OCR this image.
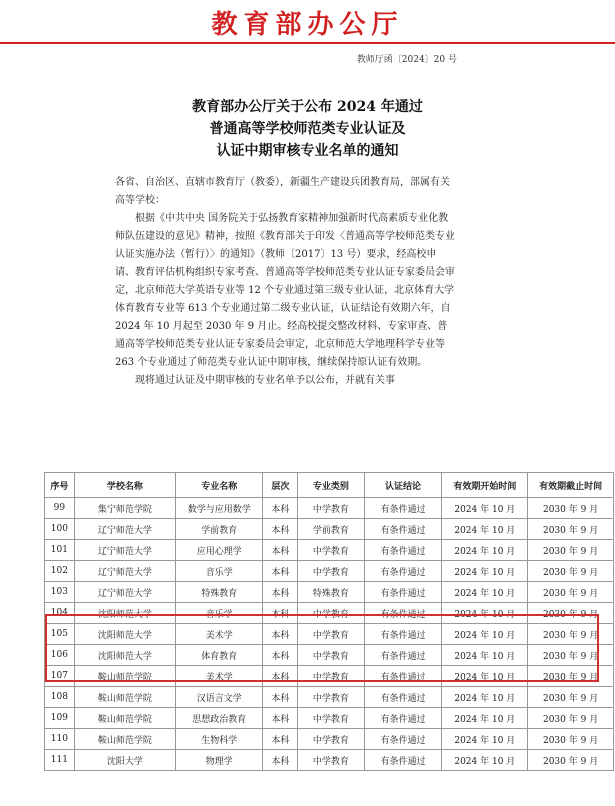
教育部办公厅
教师厅函〔2024〕20 号
教育部办公厅关于公布 2024 年通过
普通高等学校师范类专业认证及
认证中期审核专业名单的通知

各省、自治区、直辖市教育厅（教委），新疆生产建设兵团教育局，部属有关高等学校：

根据《中共中央 国务院关于弘扬教育家精神加强新时代高素质专业化教师队伍建设的意见》精神，按照《教育部关于印发〈普通高等学校师范类专业认证实施办法（暂行）〉的通知》（教师〔2017〕13 号）要求，经高校申请、教育评估机构组织专家考查、普通高等学校师范类专业认证专家委员会审定，北京师范大学英语专业等 12 个专业通过第三级专业认证，北京体育大学体育教育专业等 613 个专业通过第二级专业认证，认证结论有效期六年，自 2024 年 10 月起至 2030 年 9 月止。经高校提交整改材料、专家审查、普通高等学校师范类专业认证专家委员会审定，北京师范大学地理科学专业等 263 个专业通过了师范类专业认证中期审核，继续保持原认证有效期。

现将通过认证及中期审核的专业名单予以公布，并就有关事

序号	学校名称	专业名称	层次	专业类别	认证结论	有效期开始时间	有效期截止时间
99	集宁师范学院	数学与应用数学	本科	中学教育	有条件通过	2024 年 10 月	2030 年 9 月
100	辽宁师范大学	学前教育	本科	学前教育	有条件通过	2024 年 10 月	2030 年 9 月
101	辽宁师范大学	应用心理学	本科	中学教育	有条件通过	2024 年 10 月	2030 年 9 月
102	辽宁师范大学	音乐学	本科	中学教育	有条件通过	2024 年 10 月	2030 年 9 月
103	辽宁师范大学	特殊教育	本科	特殊教育	有条件通过	2024 年 10 月	2030 年 9 月
104	沈阳师范大学	音乐学	本科	中学教育	有条件通过	2024 年 10 月	2030 年 9 月
105	沈阳师范大学	美术学	本科	中学教育	有条件通过	2024 年 10 月	2030 年 9 月
106	沈阳师范大学	体育教育	本科	中学教育	有条件通过	2024 年 10 月	2030 年 9 月
107	鞍山师范学院	美术学	本科	中学教育	有条件通过	2024 年 10 月	2030 年 9 月
108	鞍山师范学院	汉语言文学	本科	中学教育	有条件通过	2024 年 10 月	2030 年 9 月
109	鞍山师范学院	思想政治教育	本科	中学教育	有条件通过	2024 年 10 月	2030 年 9 月
110	鞍山师范学院	生物科学	本科	中学教育	有条件通过	2024 年 10 月	2030 年 9 月
111	沈阳大学	物理学	本科	中学教育	有条件通过	2024 年 10 月	2030 年 9 月
